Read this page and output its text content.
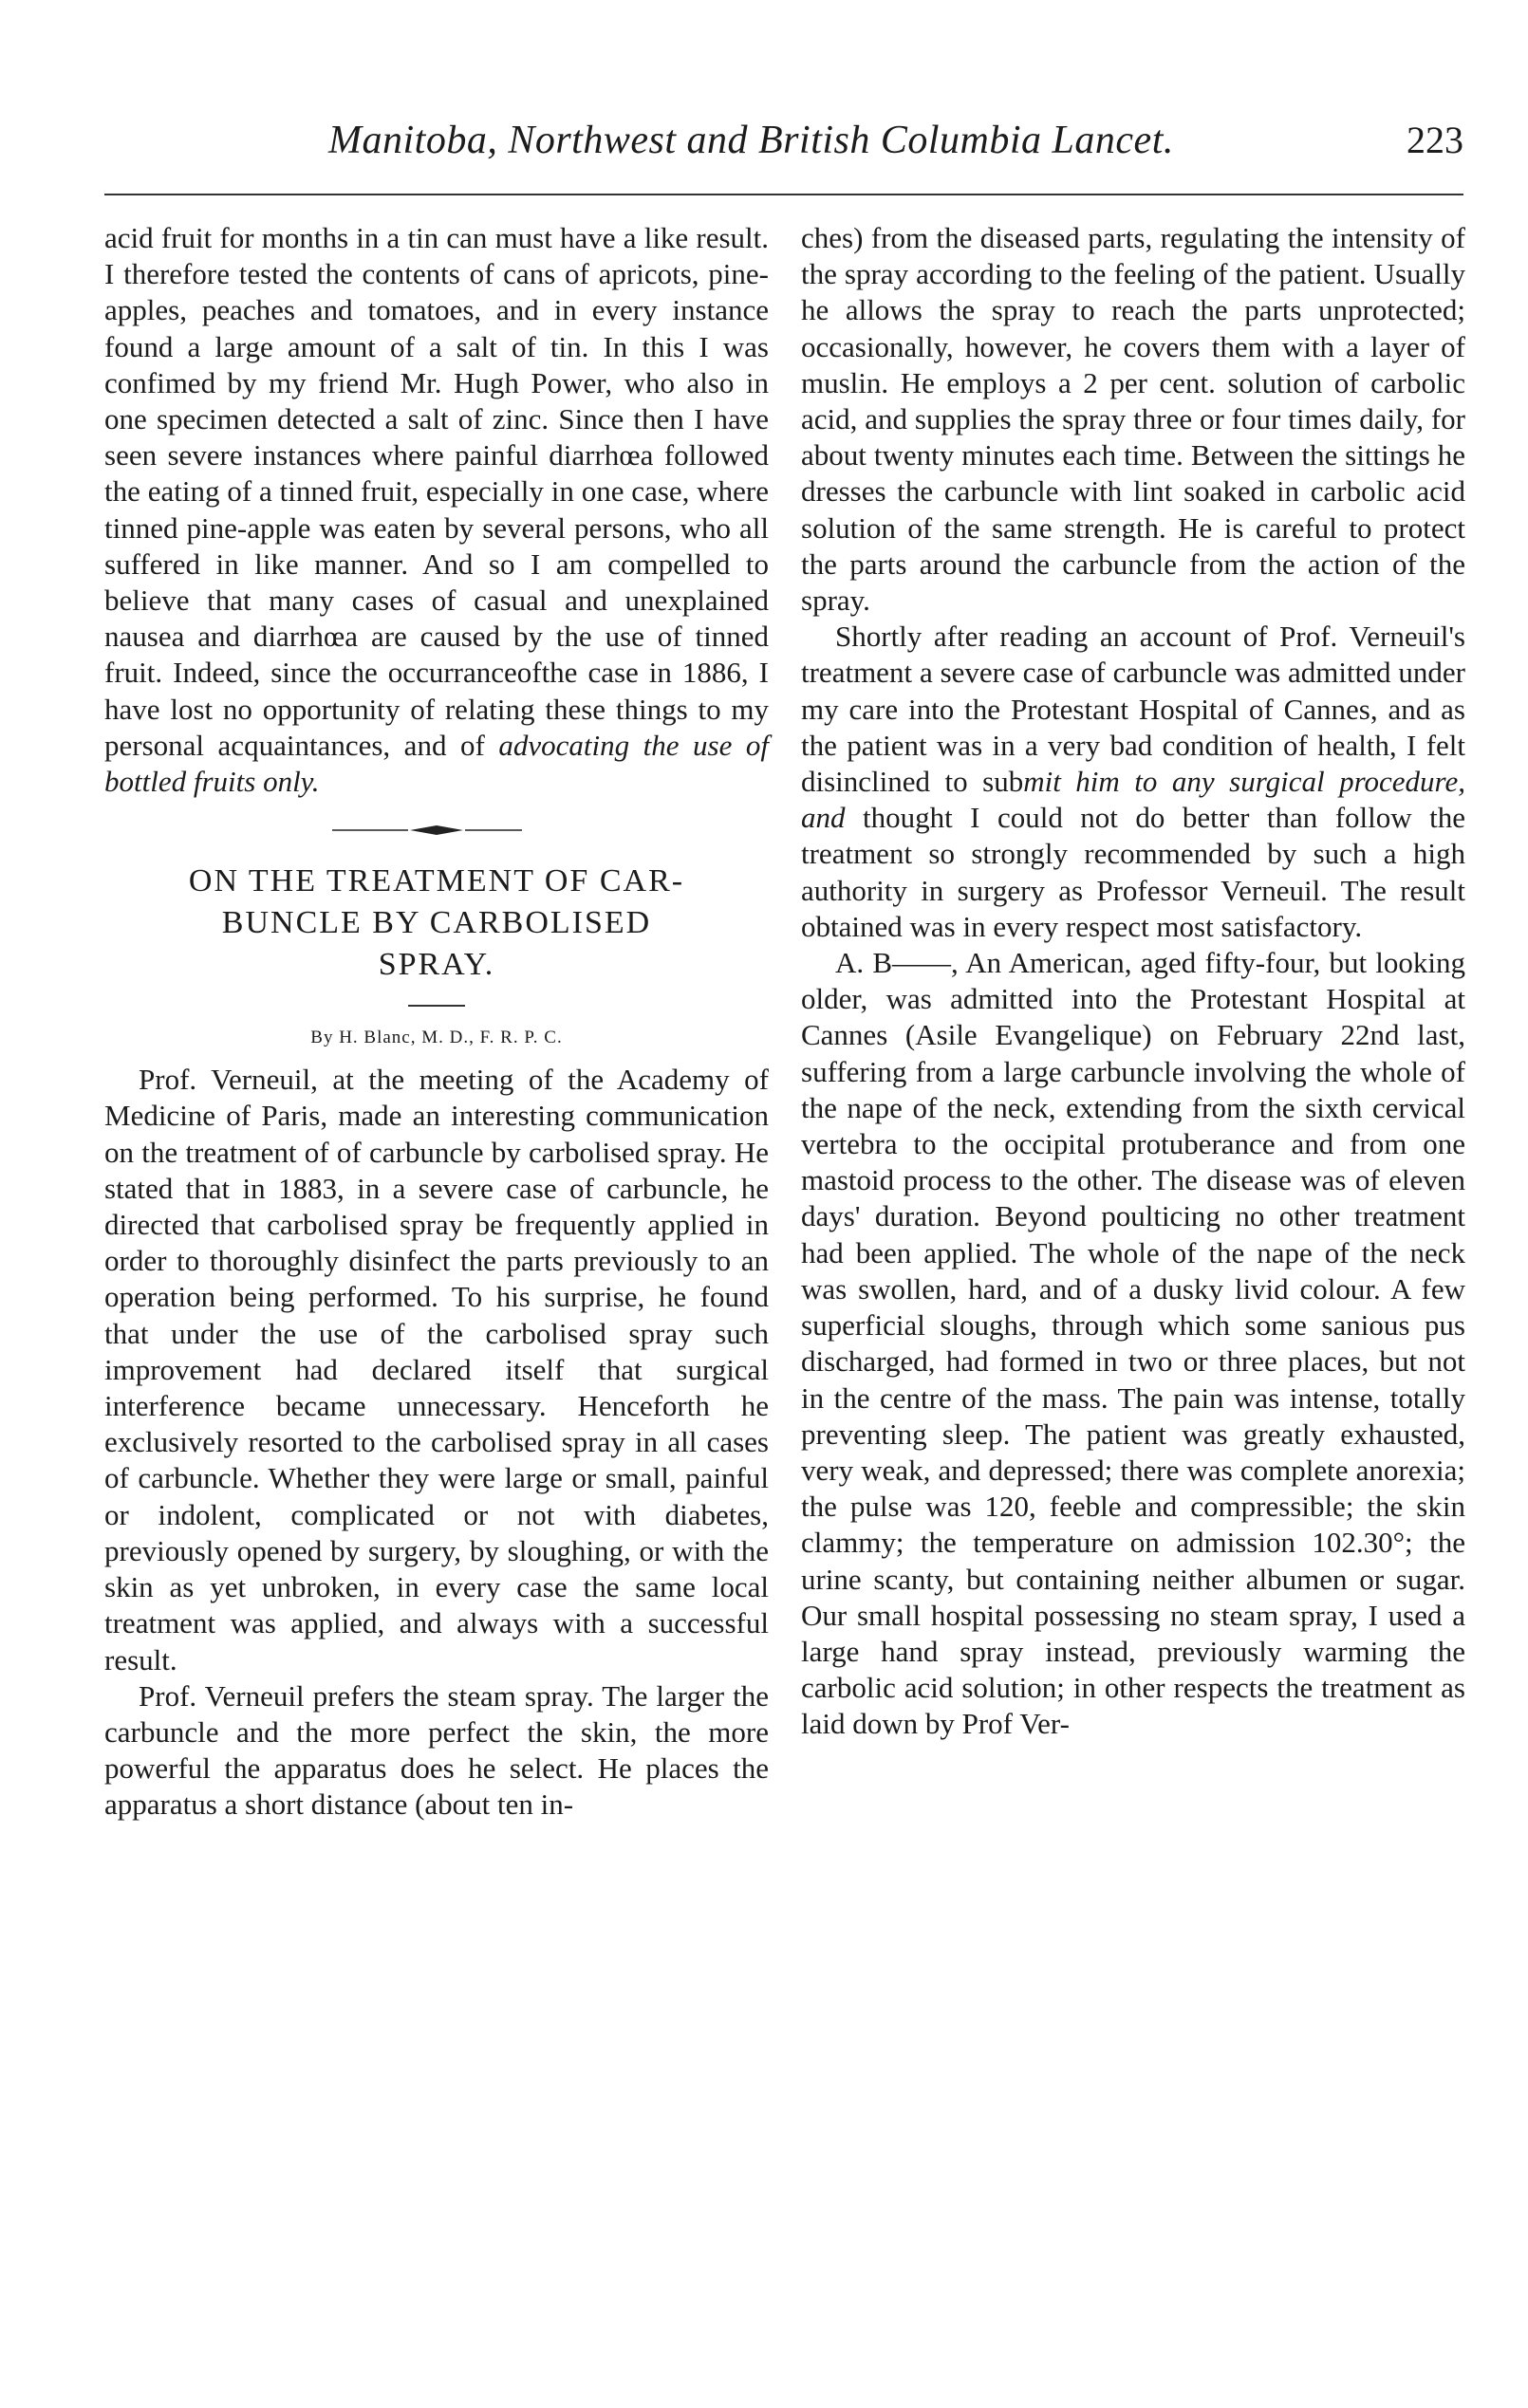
Manitoba, Northwest and British Columbia Lancet.	223

acid fruit for months in a tin can must have a like result. I therefore tested the contents of cans of apricots, pine-apples, peaches and tomatoes, and in every instance found a large amount of a salt of tin. In this I was confimed by my friend Mr. Hugh Power, who also in one specimen detected a salt of zinc. Since then I have seen severe instances where painful diarrhœa followed the eating of a tinned fruit, especially in one case, where tinned pine-apple was eaten by several persons, who all suffered in like manner. And so I am compelled to believe that many cases of casual and unexplained nausea and diarrhœa are caused by the use of tinned fruit. Indeed, since the occurranceofthe case in 1886, I have lost no opportunity of relating these things to my personal acquaintances, and of advocating the use of bottled fruits only.

ON THE TREATMENT OF CAR-
BUNCLE BY CARBOLISED
SPRAY.
By H. Blanc, M. D., F. R. P. C.

Prof. Verneuil, at the meeting of the Academy of Medicine of Paris, made an interesting communication on the treatment of of carbuncle by carbolised spray. He stated that in 1883, in a severe case of carbuncle, he directed that carbolised spray be frequently applied in order to thoroughly disinfect the parts previously to an operation being performed. To his surprise, he found that under the use of the carbolised spray such improvement had declared itself that surgical interference became unnecessary. Henceforth he exclusively resorted to the carbolised spray in all cases of carbuncle. Whether they were large or small, painful or indolent, complicated or not with diabetes, previously opened by surgery, by sloughing, or with the skin as yet unbroken, in every case the same local treatment was applied, and always with a successful result.

Prof. Verneuil prefers the steam spray. The larger the carbuncle and the more perfect the skin, the more powerful the apparatus does he select. He places the apparatus a short distance (about ten in-

ches) from the diseased parts, regulating the intensity of the spray according to the feeling of the patient. Usually he allows the spray to reach the parts unprotected; occasionally, however, he covers them with a layer of muslin. He employs a 2 per cent. solution of carbolic acid, and supplies the spray three or four times daily, for about twenty minutes each time. Between the sittings he dresses the carbuncle with lint soaked in carbolic acid solution of the same strength. He is careful to protect the parts around the carbuncle from the action of the spray.

Shortly after reading an account of Prof. Verneuil's treatment a severe case of carbuncle was admitted under my care into the Protestant Hospital of Cannes, and as the patient was in a very bad condition of health, I felt disinclined to submit him to any surgical procedure, and thought I could not do better than follow the treatment so strongly recommended by such a high authority in surgery as Professor Verneuil. The result obtained was in every respect most satisfactory.

A. B——, An American, aged fifty-four, but looking older, was admitted into the Protestant Hospital at Cannes (Asile Evangelique) on February 22nd last, suffering from a large carbuncle involving the whole of the nape of the neck, extending from the sixth cervical vertebra to the occipital protuberance and from one mastoid process to the other. The disease was of eleven days' duration. Beyond poulticing no other treatment had been applied. The whole of the nape of the neck was swollen, hard, and of a dusky livid colour. A few superficial sloughs, through which some sanious pus discharged, had formed in two or three places, but not in the centre of the mass. The pain was intense, totally preventing sleep. The patient was greatly exhausted, very weak, and depressed; there was complete anorexia; the pulse was 120, feeble and compressible; the skin clammy; the temperature on admission 102.30°; the urine scanty, but containing neither albumen or sugar. Our small hospital possessing no steam spray, I used a large hand spray instead, previously warming the carbolic acid solution; in other respects the treatment as laid down by Prof Ver-
